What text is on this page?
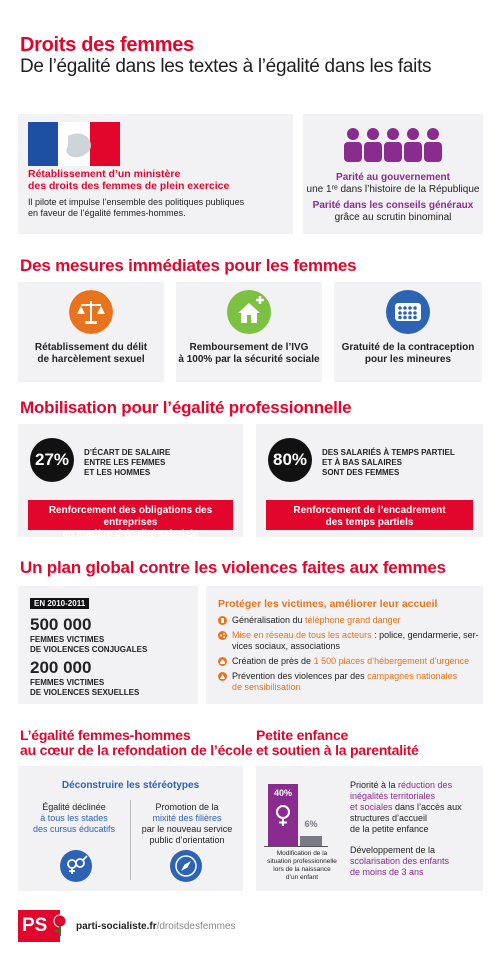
Droits des femmes
De l’égalité dans les textes à l’égalité dans les faits
Rétablissement d’un ministère
des droits des femmes de plein exercice
Il pilote et impulse l’ensemble des politiques publiques
en faveur de l’égalité femmes-hommes.
Parité au gouvernement
une 1ʳᵉ dans l’histoire de la République
Parité dans les conseils généraux
grâce au scrutin binominal
Des mesures immédiates pour les femmes
Rétablissement du délit
de harcèlement sexuel
Remboursement de l’IVG
à 100% par la sécurité sociale
Gratuité de la contraception
pour les mineures
Mobilisation pour l’égalité professionnelle
27%	D’ÉCART DE SALAIRE
ENTRE LES FEMMES
ET LES HOMMES
Renforcement des obligations des entreprises
en matière d’égalité salariale
80%	DES SALARIÉS À TEMPS PARTIEL
ET À BAS SALAIRES
SONT DES FEMMES
Renforcement de l’encadrement
des temps partiels
Un plan global contre les violences faites aux femmes
EN 2010-2011
500 000
FEMMES VICTIMES
DE VIOLENCES CONJUGALES
200 000
FEMMES VICTIMES
DE VIOLENCES SEXUELLES
Protéger les victimes, améliorer leur accueil
Généralisation du téléphone grand danger
Mise en réseau de tous les acteurs : police, gendarmerie, ser-
vices sociaux, associations
Création de près de 1 500 places d’hébergement d’urgence
Prévention des violences par des campagnes nationales
de sensibilisation
L’égalité femmes-hommes
au cœur de la refondation de l’école
Déconstruire les stéréotypes
Égalité déclinée
à tous les stades
des cursus éducatifs
Promotion de la
mixité des filières
par le nouveau service
public d’orientation
Petite enfance
et soutien à la parentalité
40%
6%
Modification de la
situation professionnelle
lors de la naissance
d’un enfant
Priorité à la réduction des
inégalités territoriales
et sociales dans l’accès aux
structures d’accueil
de la petite enfance
Développement de la
scolarisation des enfants
de moins de 3 ans
PS	parti-socialiste.fr/droitsdesfemmes
